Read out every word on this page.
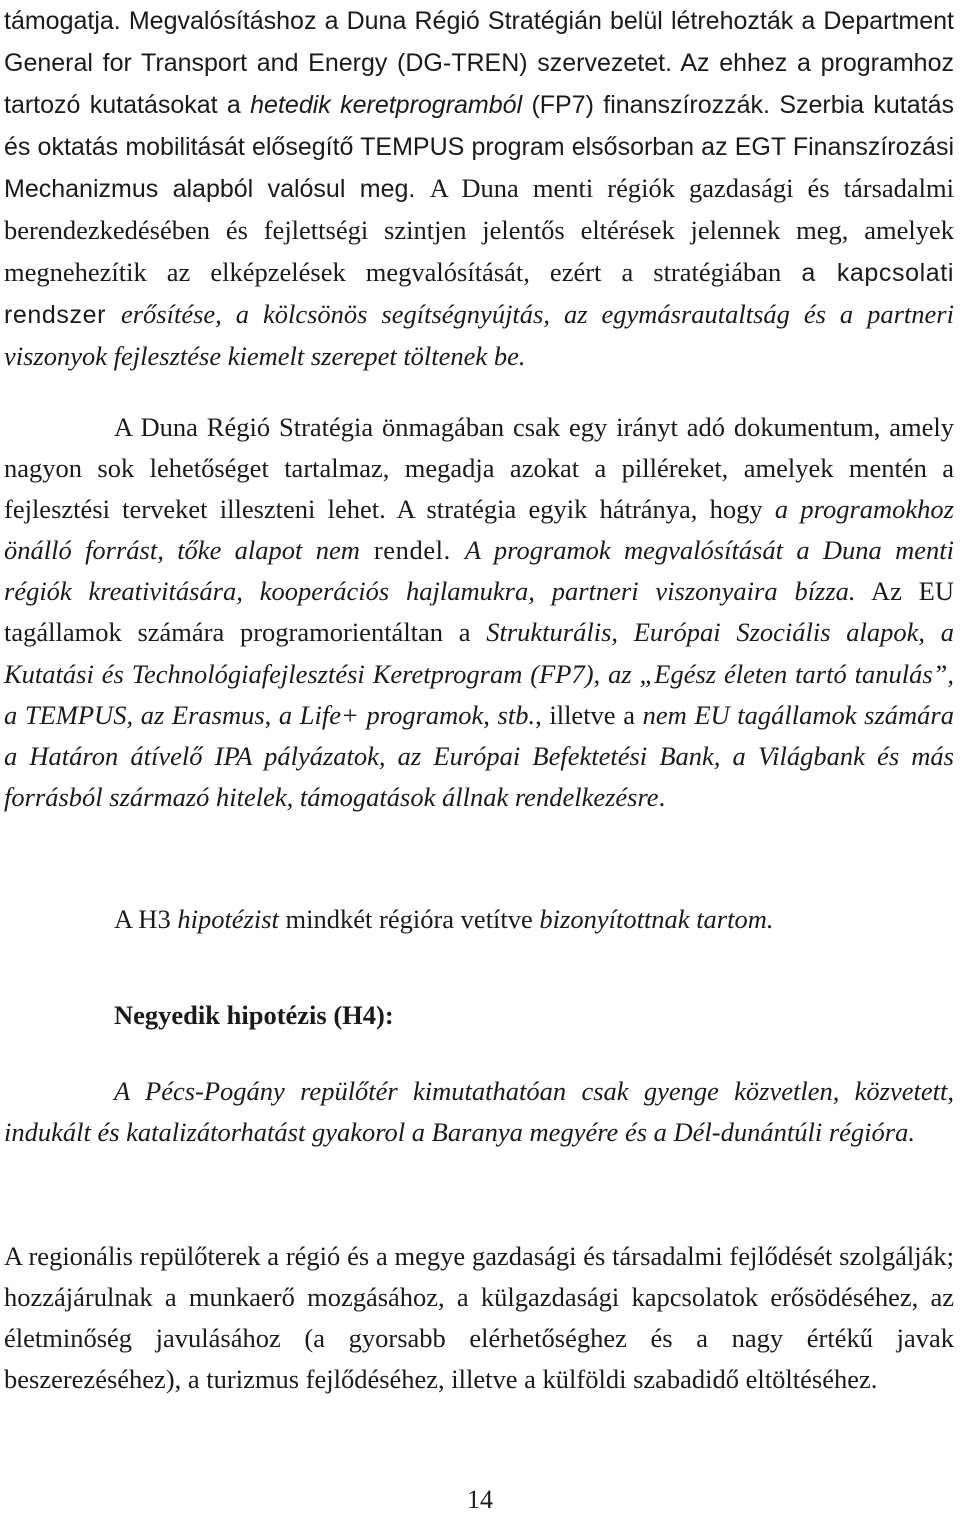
támogatja. Megvalósításhoz a Duna Régió Stratégián belül létrehozták a Department General for Transport and Energy (DG-TREN) szervezetet. Az ehhez a programhoz tartozó kutatásokat a hetedik keretprogramból (FP7) finanszírozzák. Szerbia kutatás és oktatás mobilitását elősegítő TEMPUS program elsősorban az EGT Finanszírozási Mechanizmus alapból valósul meg. A Duna menti régiók gazdasági és társadalmi berendezkedésében és fejlettségi szintjen jelentős eltérések jelennek meg, amelyek megnehezítik az elképzelések megvalósítását, ezért a stratégiában a kapcsolati rendszer erősítése, a kölcsönös segítségnyújtás, az egymásrautaltság és a partneri viszonyok fejlesztése kiemelt szerepet töltenek be.

A Duna Régió Stratégia önmagában csak egy irányt adó dokumentum, amely nagyon sok lehetőséget tartalmaz, megadja azokat a pilléreket, amelyek mentén a fejlesztési terveket illeszteni lehet. A stratégia egyik hátránya, hogy a programokhoz önálló forrást, tőke alapot nem rendel. A programok megvalósítását a Duna menti régiók kreativitására, kooperációs hajlamukra, partneri viszonyaira bízza. Az EU tagállamok számára programorientáltan a Strukturális, Európai Szociális alapok, a Kutatási és Technológiafejlesztési Keretprogram (FP7), az „Egész életen tartó tanulás”, a TEMPUS, az Erasmus, a Life+ programok, stb., illetve a nem EU tagállamok számára a Határon átívelő IPA pályázatok, az Európai Befektetési Bank, a Világbank és más forrásból származó hitelek, támogatások állnak rendelkezésre.

A H3 hipotézist mindkét régióra vetítve bizonyítottnak tartom.

Negyedik hipotézis (H4):

A Pécs-Pogány repülőtér kimutathatóan csak gyenge közvetlen, közvetett, indukált és katalizátorhatást gyakorol a Baranya megyére és a Dél-dunántúli régióra.

A regionális repülőterek a régió és a megye gazdasági és társadalmi fejlődését szolgálják; hozzájárulnak a munkaerő mozgásához, a külgazdasági kapcsolatok erősödéséhez, az életminőség javulásához (a gyorsabb elérhetőséghez és a nagy értékű javak beszerezéséhez), a turizmus fejlődéséhez, illetve a külföldi szabadidő eltöltéséhez.

14
